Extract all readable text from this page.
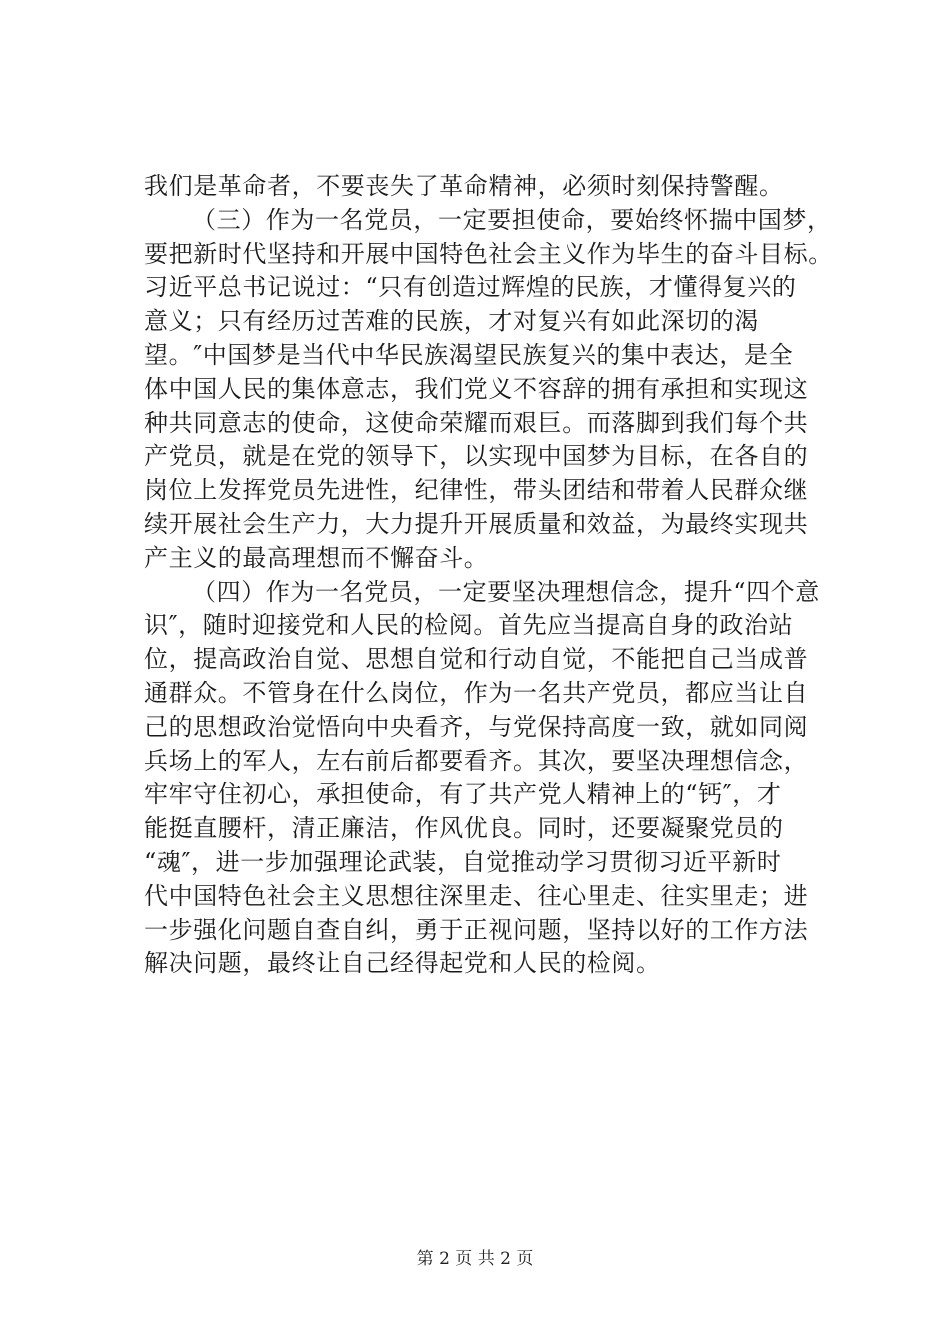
我们是革命者，不要丧失了革命精神，必须时刻保持警醒。
（三）作为一名党员，一定要担使命，要始终怀揣中国梦，
要把新时代坚持和开展中国特色社会主义作为毕生的奋斗目标。
习近平总书记说过：“只有创造过辉煌的民族，才懂得复兴的
意义；只有经历过苦难的民族，才对复兴有如此深切的渴
望。″中国梦是当代中华民族渴望民族复兴的集中表达，是全
体中国人民的集体意志，我们党义不容辞的拥有承担和实现这
种共同意志的使命，这使命荣耀而艰巨。而落脚到我们每个共
产党员，就是在党的领导下，以实现中国梦为目标，在各自的
岗位上发挥党员先进性，纪律性，带头团结和带着人民群众继
续开展社会生产力，大力提升开展质量和效益，为最终实现共
产主义的最高理想而不懈奋斗。
（四）作为一名党员，一定要坚决理想信念，提升“四个意
识″，随时迎接党和人民的检阅。首先应当提高自身的政治站
位，提高政治自觉、思想自觉和行动自觉，不能把自己当成普
通群众。不管身在什么岗位，作为一名共产党员，都应当让自
己的思想政治觉悟向中央看齐，与党保持高度一致，就如同阅
兵场上的军人，左右前后都要看齐。其次，要坚决理想信念，
牢牢守住初心，承担使命，有了共产党人精神上的“钙″，才
能挺直腰杆，清正廉洁，作风优良。同时，还要凝聚党员的
“魂″，进一步加强理论武装，自觉推动学习贯彻习近平新时
代中国特色社会主义思想往深里走、往心里走、往实里走；进
一步强化问题自查自纠，勇于正视问题，坚持以好的工作方法
解决问题，最终让自己经得起党和人民的检阅。
第 2 页 共 2 页
